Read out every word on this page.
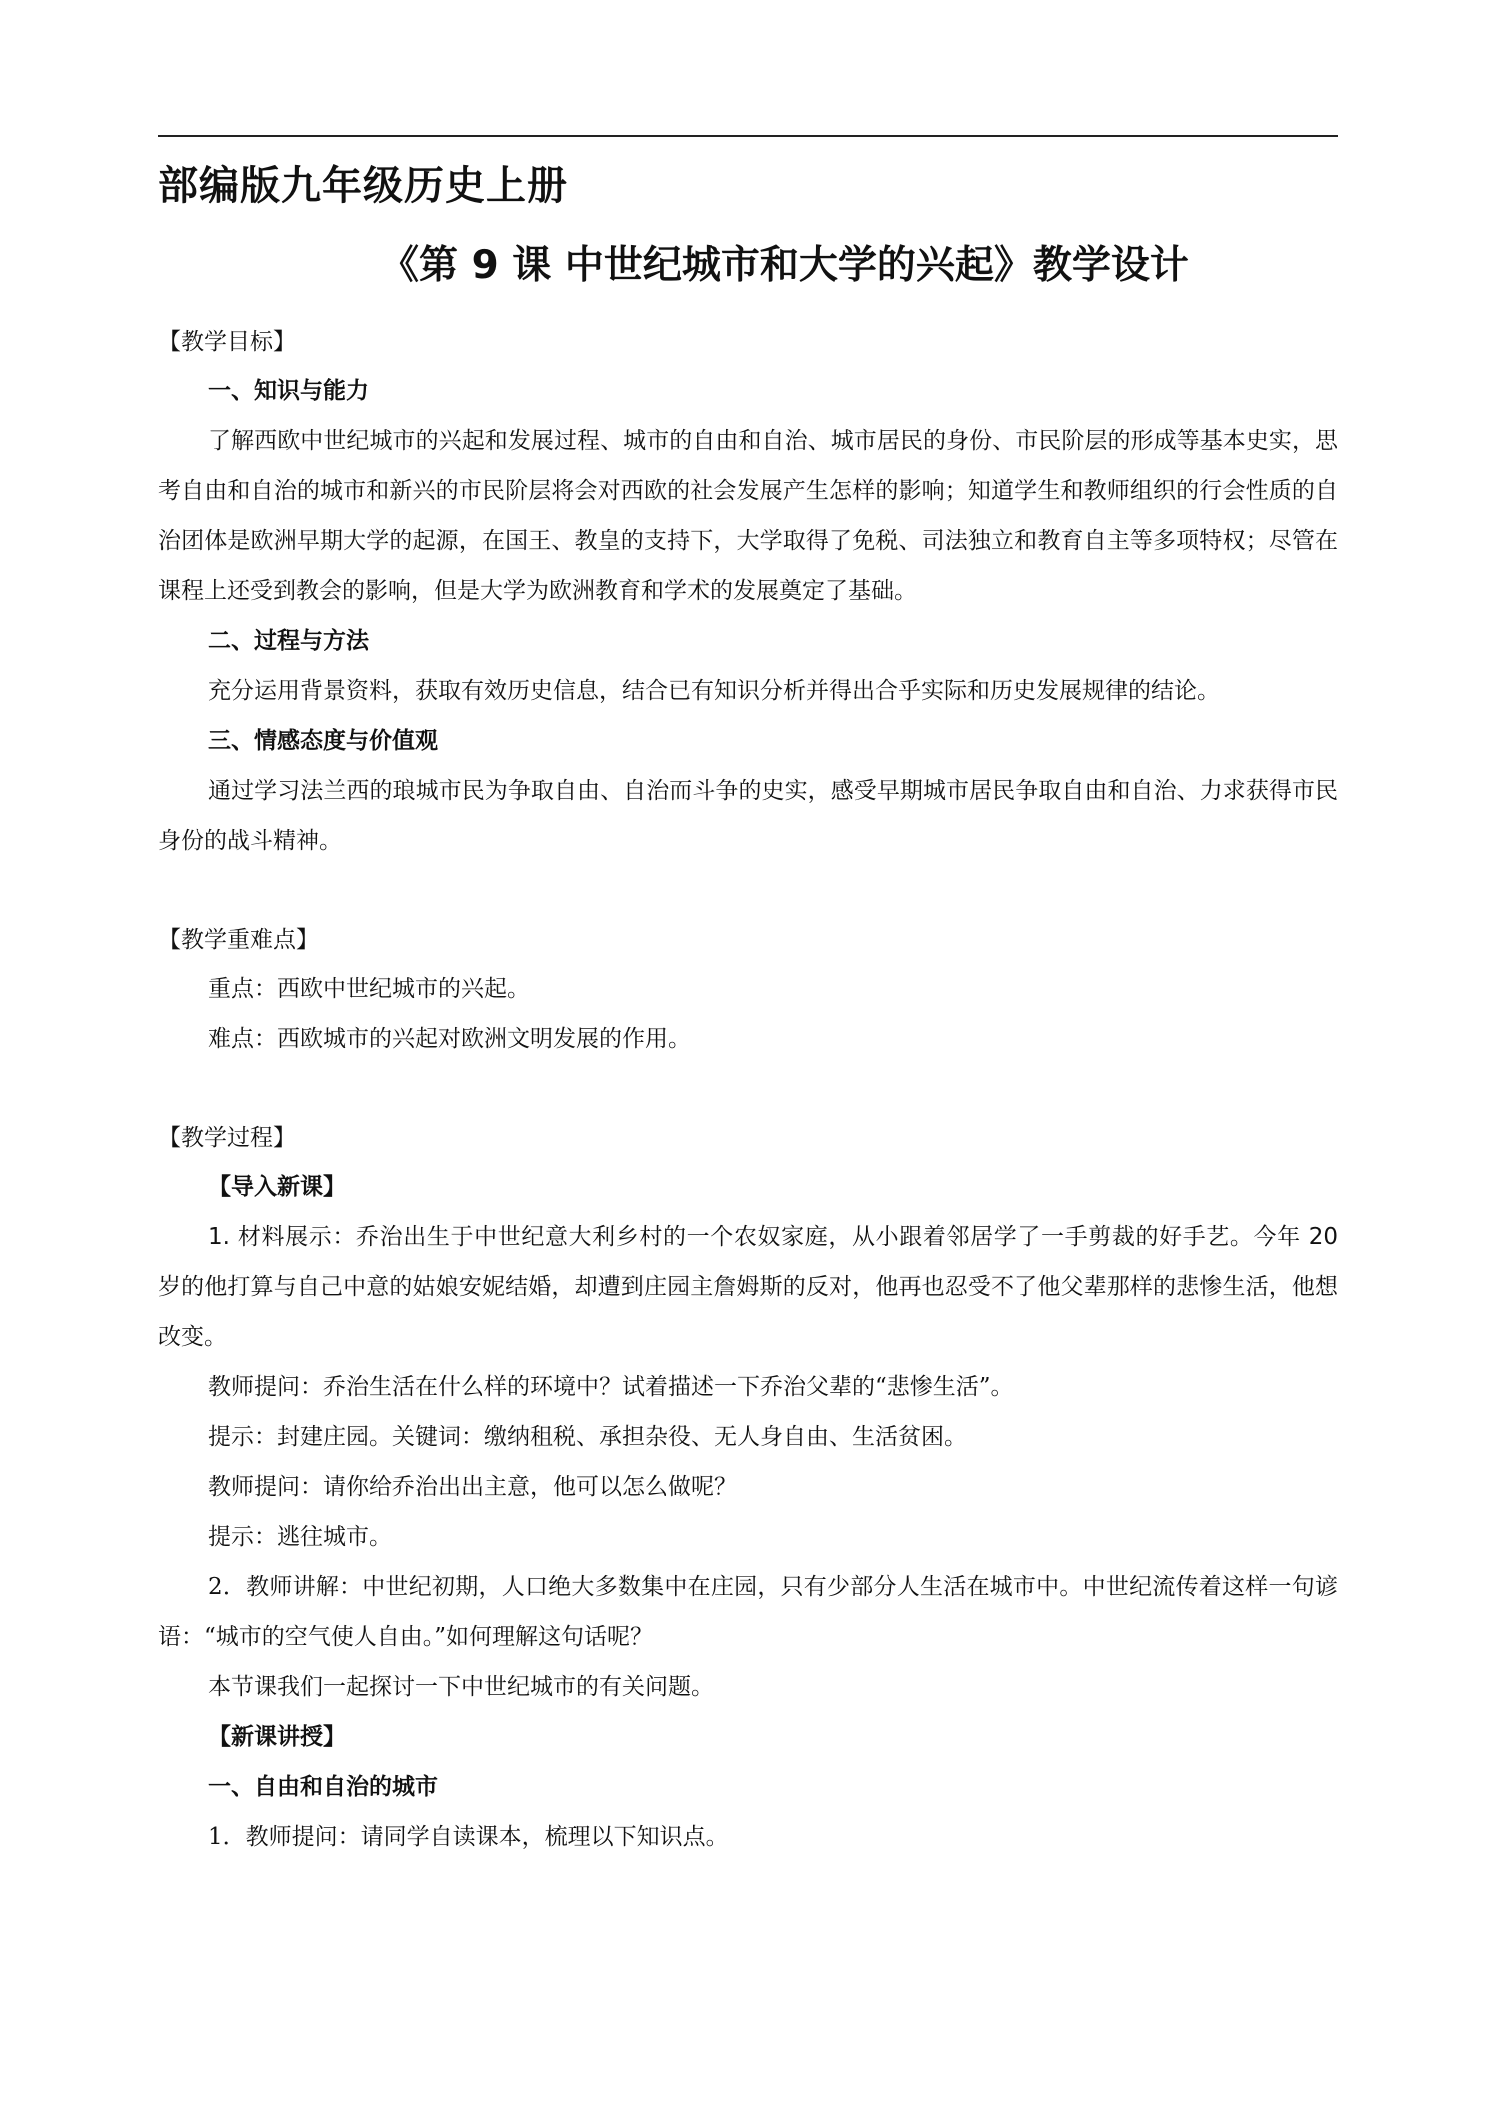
部编版九年级历史上册
《第 9 课 中世纪城市和大学的兴起》教学设计
【教学目标】
一、知识与能力

了解西欧中世纪城市的兴起和发展过程、城市的自由和自治、城市居民的身份、市民阶层的形成等基本史实，思考自由和自治的城市和新兴的市民阶层将会对西欧的社会发展产生怎样的影响；知道学生和教师组织的行会性质的自治团体是欧洲早期大学的起源，在国王、教皇的支持下，大学取得了免税、司法独立和教育自主等多项特权；尽管在课程上还受到教会的影响，但是大学为欧洲教育和学术的发展奠定了基础。

二、过程与方法

充分运用背景资料，获取有效历史信息，结合已有知识分析并得出合乎实际和历史发展规律的结论。

三、情感态度与价值观

通过学习法兰西的琅城市民为争取自由、自治而斗争的史实，感受早期城市居民争取自由和自治、力求获得市民身份的战斗精神。

【教学重难点】
重点：西欧中世纪城市的兴起。
难点：西欧城市的兴起对欧洲文明发展的作用。
【教学过程】
【导入新课】

1. 材料展示：乔治出生于中世纪意大利乡村的一个农奴家庭，从小跟着邻居学了一手剪裁的好手艺。今年 20 岁的他打算与自己中意的姑娘安妮结婚，却遭到庄园主詹姆斯的反对，他再也忍受不了他父辈那样的悲惨生活，他想改变。

教师提问：乔治生活在什么样的环境中？试着描述一下乔治父辈的“悲惨生活”。
提示：封建庄园。关键词：缴纳租税、承担杂役、无人身自由、生活贫困。
教师提问：请你给乔治出出主意，他可以怎么做呢？
提示：逃往城市。

2．教师讲解：中世纪初期，人口绝大多数集中在庄园，只有少部分人生活在城市中。中世纪流传着这样一句谚语：“城市的空气使人自由。”如何理解这句话呢？

本节课我们一起探讨一下中世纪城市的有关问题。
【新课讲授】
一、自由和自治的城市
1．教师提问：请同学自读课本，梳理以下知识点。
